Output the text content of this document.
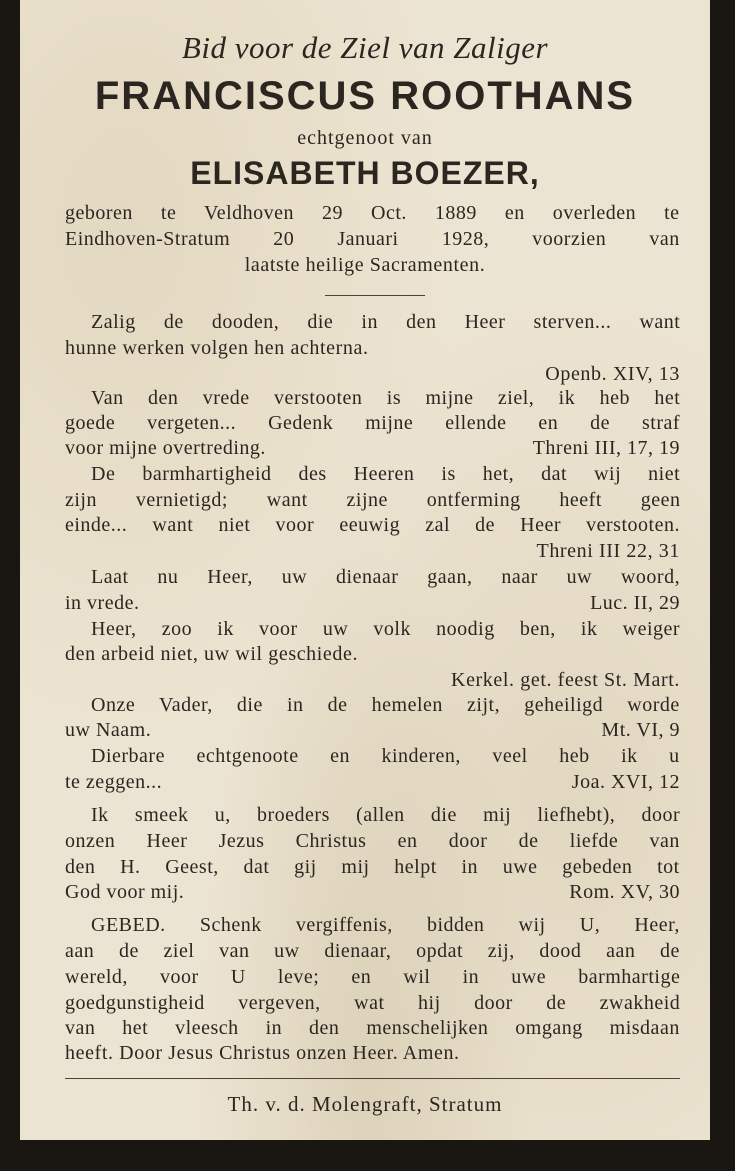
Bid voor de Ziel van Zaliger
FRANCISCUS ROOTHANS
echtgenoot van
ELISABETH BOEZER,
geboren te Veldhoven 29 Oct. 1889 en overleden te
Eindhoven-Stratum 20 Januari 1928, voorzien van
laatste heilige Sacramenten.
Zalig de dooden, die in den Heer sterven... want
hunne werken volgen hen achterna.
Openb. XIV, 13
Van den vrede verstooten is mijne ziel, ik heb het
goede vergeten... Gedenk mijne ellende en de straf
voor mijne overtreding.	Threni III, 17, 19
De barmhartigheid des Heeren is het, dat wij niet
zijn vernietigd; want zijne ontferming heeft geen
einde... want niet voor eeuwig zal de Heer verstooten.
Threni III 22, 31
Laat nu Heer, uw dienaar gaan, naar uw woord,
in vrede.	Luc. II, 29
Heer, zoo ik voor uw volk noodig ben, ik weiger
den arbeid niet, uw wil geschiede.
Kerkel. get. feest St. Mart.
Onze Vader, die in de hemelen zijt, geheiligd worde
uw Naam.	Mt. VI, 9
Dierbare echtgenoote en kinderen, veel heb ik u
te zeggen...	Joa. XVI, 12
Ik smeek u, broeders (allen die mij liefhebt), door
onzen Heer Jezus Christus en door de liefde van
den H. Geest, dat gij mij helpt in uwe gebeden tot
God voor mij.	Rom. XV, 30
GEBED. Schenk vergiffenis, bidden wij U, Heer,
aan de ziel van uw dienaar, opdat zij, dood aan de
wereld, voor U leve; en wil in uwe barmhartige
goedgunstigheid vergeven, wat hij door de zwakheid
van het vleesch in den menschelijken omgang misdaan
heeft. Door Jesus Christus onzen Heer. Amen.
Th. v. d. Molengraft, Stratum
